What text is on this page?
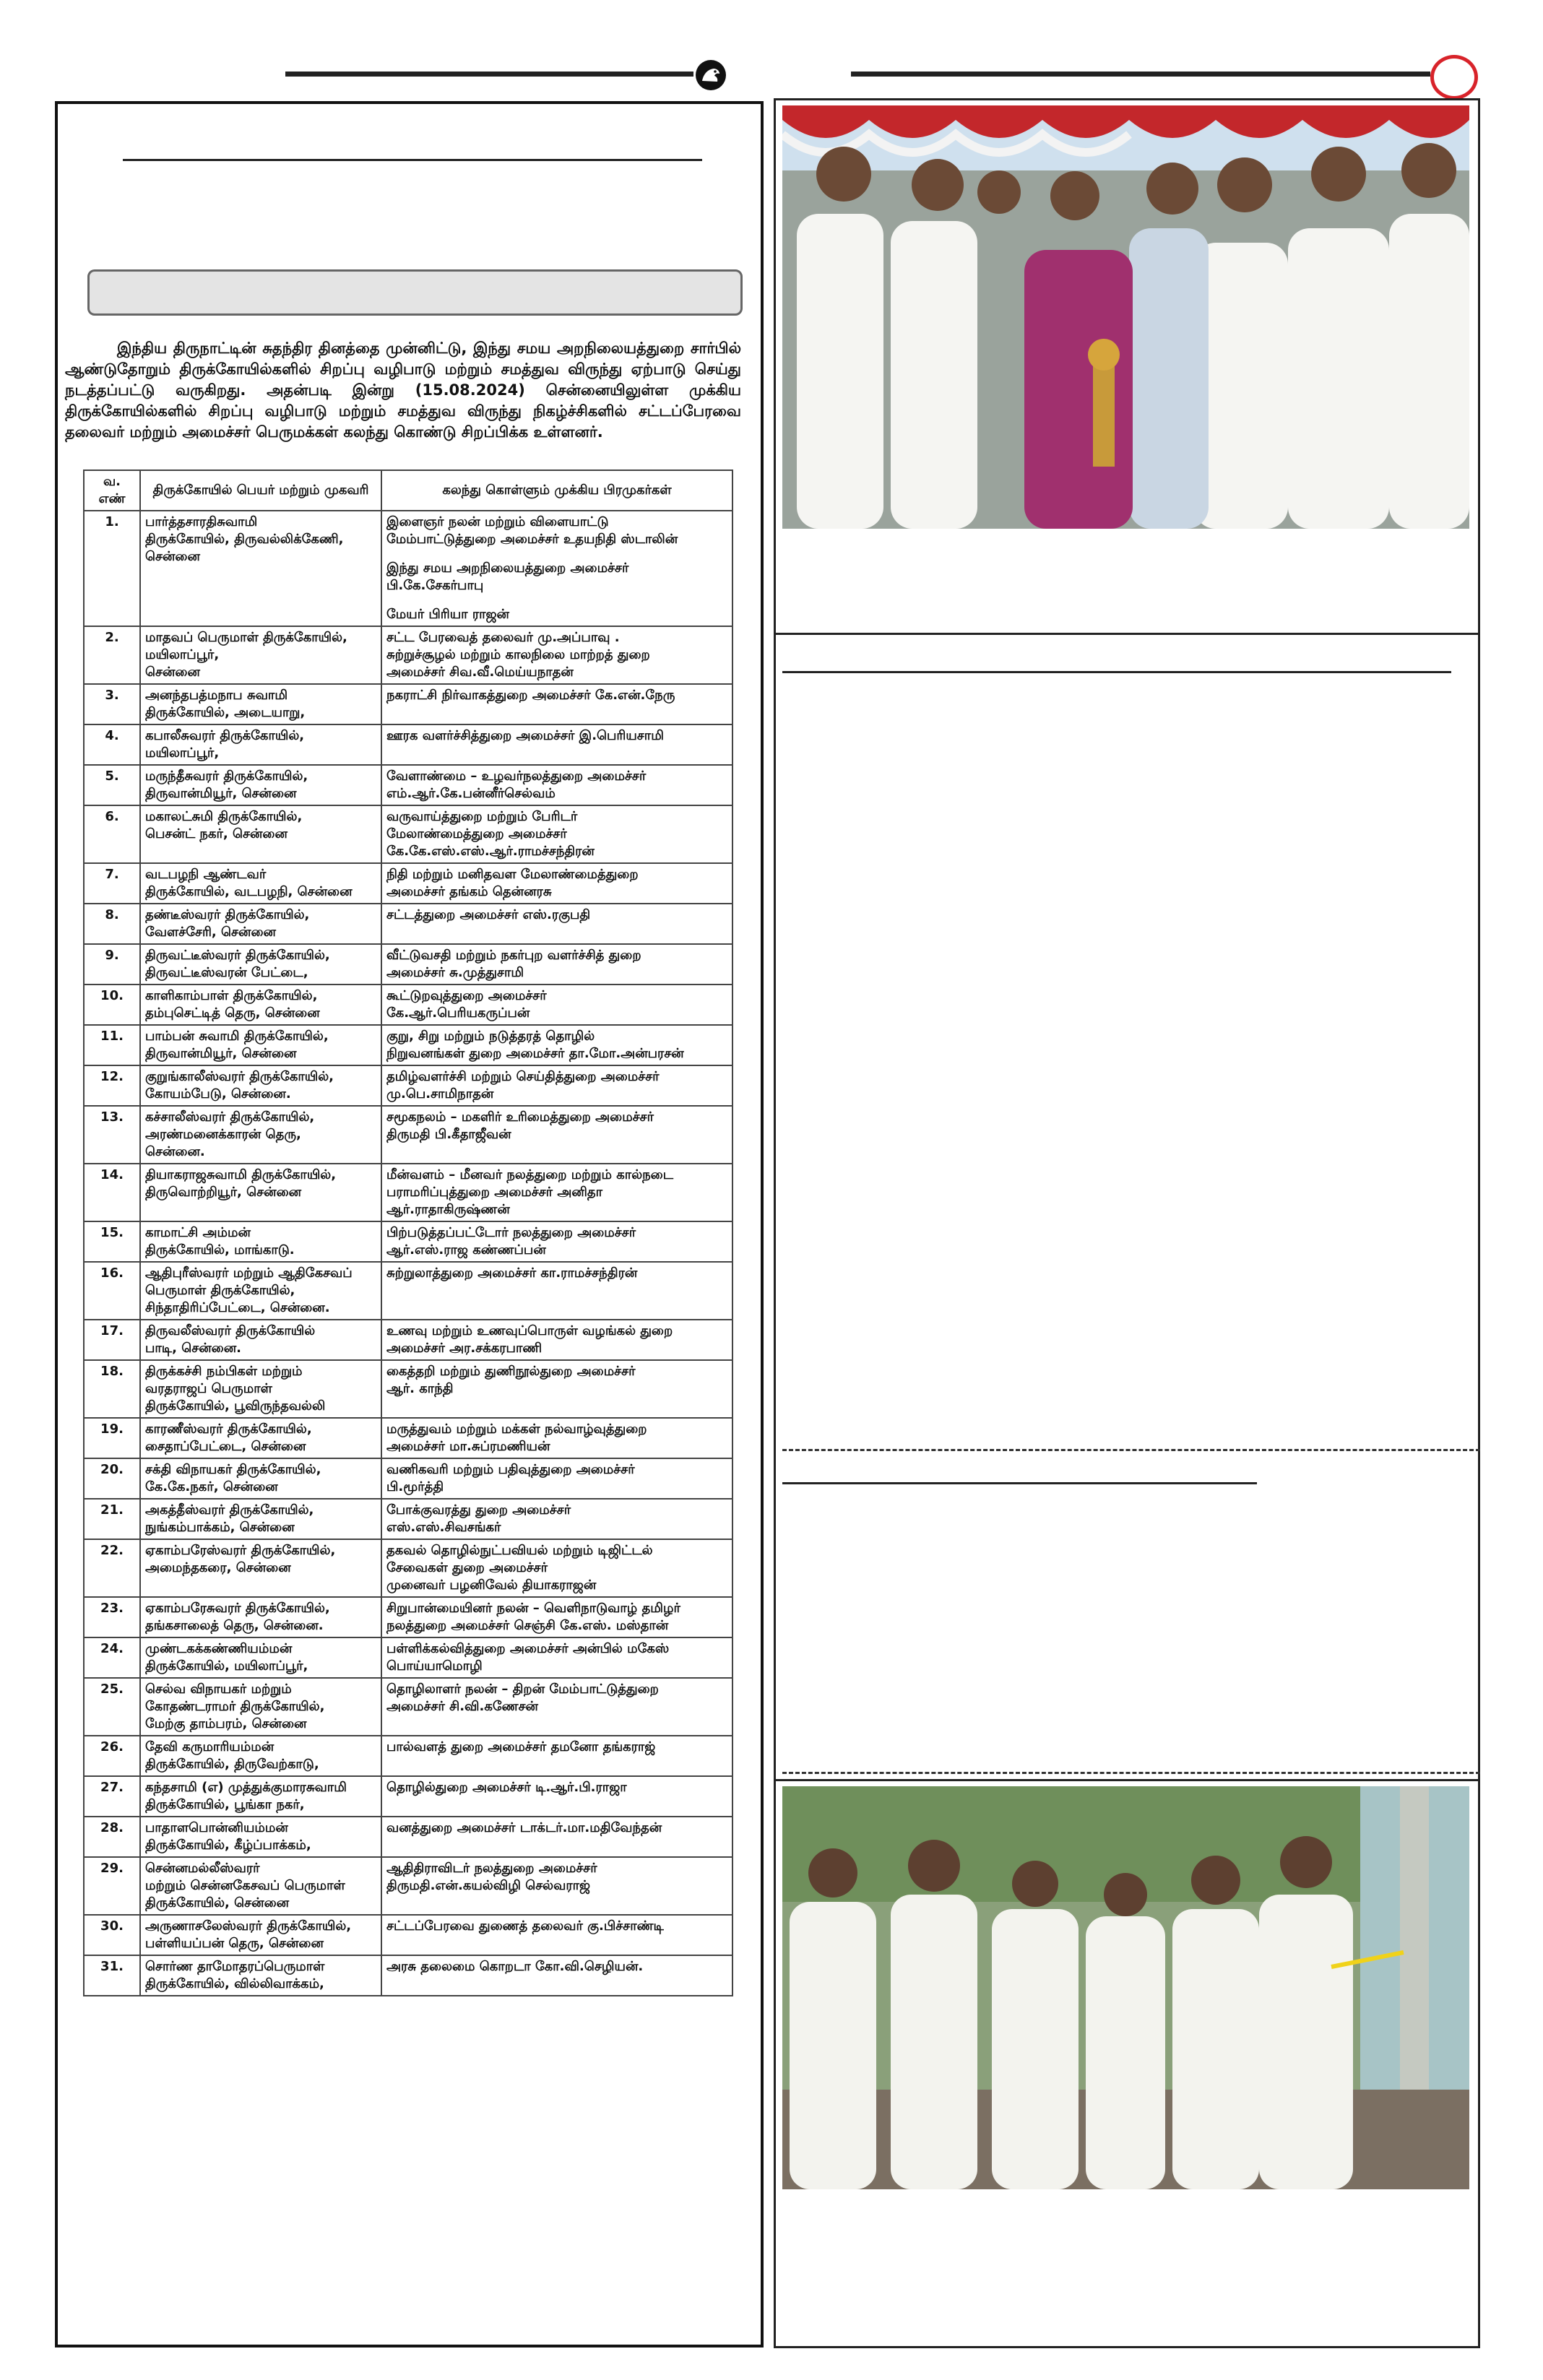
இந்திய திருநாட்டின் சுதந்திர தினத்தை முன்னிட்டு, இந்து சமய அறநிலையத்துறை சார்பில் ஆண்டுதோறும் திருக்கோயில்களில் சிறப்பு வழிபாடு மற்றும் சமத்துவ விருந்து ஏற்பாடு செய்து நடத்தப்பட்டு வருகிறது. அதன்படி இன்று (15.08.2024) சென்னையிலுள்ள முக்கிய திருக்கோயில்களில் சிறப்பு வழிபாடு மற்றும் சமத்துவ விருந்து நிகழ்ச்சிகளில் சட்டப்பேரவை தலைவர் மற்றும் அமைச்சர் பெருமக்கள் கலந்து கொண்டு சிறப்பிக்க உள்ளனர்.

வ. எண்	திருக்கோயில் பெயர் மற்றும் முகவரி	கலந்து கொள்ளும் முக்கிய பிரமுகர்கள்
1.	பார்த்தசாரதிசுவாமி
திருக்கோயில், திருவல்லிக்கேணி,
சென்னை	இளைஞர் நலன் மற்றும் விளையாட்டு
மேம்பாட்டுத்துறை அமைச்சர் உதயநிதி ஸ்டாலின்
இந்து சமய அறநிலையத்துறை அமைச்சர்
பி.கே.சேகர்பாபு
மேயர் பிரியா ராஜன்

2.	மாதவப் பெருமாள் திருக்கோயில்,
மயிலாப்பூர்,
சென்னை	சட்ட பேரவைத் தலைவர் மு.அப்பாவு .
சுற்றுச்சூழல் மற்றும் காலநிலை மாற்றத் துறை
அமைச்சர் சிவ.வீ.மெய்யநாதன்

3.	அனந்தபத்மநாப சுவாமி
திருக்கோயில், அடையாறு,	நகராட்சி நிர்வாகத்துறை அமைச்சர் கே.என்.நேரு

4.	கபாலீசுவரர் திருக்கோயில்,
மயிலாப்பூர்,	ஊரக வளர்ச்சித்துறை அமைச்சர் இ.பெரியசாமி

5.	மருந்தீசுவரர் திருக்கோயில்,
திருவான்மியூர், சென்னை	வேளாண்மை – உழவர்நலத்துறை அமைச்சர்
எம்.ஆர்.கே.பன்னீர்செல்வம்

6.	மகாலட்சுமி திருக்கோயில்,
பெசன்ட் நகர், சென்னை	வருவாய்த்துறை மற்றும் பேரிடர்
மேலாண்மைத்துறை அமைச்சர்
கே.கே.எஸ்.எஸ்.ஆர்.ராமச்சந்திரன்

7.	வடபழநி ஆண்டவர்
திருக்கோயில், வடபழநி, சென்னை	நிதி மற்றும் மனிதவள மேலாண்மைத்துறை
அமைச்சர் தங்கம் தென்னரசு

8.	தண்டீஸ்வரர் திருக்கோயில்,
வேளச்சேரி, சென்னை	சட்டத்துறை அமைச்சர் எஸ்.ரகுபதி

9.	திருவட்டீஸ்வரர் திருக்கோயில்,
திருவட்டீஸ்வரன் பேட்டை,	வீட்டுவசதி மற்றும் நகர்புற வளர்ச்சித் துறை
அமைச்சர் சு.முத்துசாமி

10.	காளிகாம்பாள் திருக்கோயில்,
தம்புசெட்டித் தெரு, சென்னை	கூட்டுறவுத்துறை அமைச்சர்
கே.ஆர்.பெரியகருப்பன்

11.	பாம்பன் சுவாமி திருக்கோயில்,
திருவான்மியூர், சென்னை	குறு, சிறு மற்றும் நடுத்தரத் தொழில்
நிறுவனங்கள் துறை அமைச்சர் தா.மோ.அன்பரசன்

12.	குறுங்காலீஸ்வரர் திருக்கோயில்,
கோயம்பேடு, சென்னை.	தமிழ்வளர்ச்சி மற்றும் செய்தித்துறை அமைச்சர்
மு.பெ.சாமிநாதன்

13.	கச்சாலீஸ்வரர் திருக்கோயில்,
அரண்மனைக்காரன் தெரு,
சென்னை.	சமூகநலம் – மகளிர் உரிமைத்துறை அமைச்சர்
திருமதி பி.கீதாஜீவன்

14.	தியாகராஜசுவாமி திருக்கோயில்,
திருவொற்றியூர், சென்னை	மீன்வளம் – மீனவர் நலத்துறை மற்றும் கால்நடை
பராமரிப்புத்துறை அமைச்சர் அனிதா
ஆர்.ராதாகிருஷ்ணன்

15.	காமாட்சி அம்மன்
திருக்கோயில், மாங்காடு.	பிற்படுத்தப்பட்டோர் நலத்துறை அமைச்சர்
ஆர்.எஸ்.ராஜ கண்ணப்பன்

16.	ஆதிபுரீஸ்வரர் மற்றும் ஆதிகேசவப்
பெருமாள் திருக்கோயில்,
சிந்தாதிரிப்பேட்டை, சென்னை.	சுற்றுலாத்துறை அமைச்சர் கா.ராமச்சந்திரன்

17.	திருவலீஸ்வரர் திருக்கோயில்
பாடி, சென்னை.	உணவு மற்றும் உணவுப்பொருள் வழங்கல் துறை
அமைச்சர் அர.சக்கரபாணி

18.	திருக்கச்சி நம்பிகள் மற்றும்
வரதராஜப் பெருமாள்
திருக்கோயில், பூவிருந்தவல்லி	கைத்தறி மற்றும் துணிநூல்துறை அமைச்சர்
ஆர். காந்தி

19.	காரணீஸ்வரர் திருக்கோயில்,
சைதாப்பேட்டை, சென்னை	மருத்துவம் மற்றும் மக்கள் நல்வாழ்வுத்துறை
அமைச்சர் மா.சுப்ரமணியன்

20.	சக்தி விநாயகர் திருக்கோயில்,
கே.கே.நகர், சென்னை	வணிகவரி மற்றும் பதிவுத்துறை அமைச்சர்
பி.மூர்த்தி

21.	அகத்தீஸ்வரர் திருக்கோயில்,
நுங்கம்பாக்கம், சென்னை	போக்குவரத்து துறை அமைச்சர்
எஸ்.எஸ்.சிவசங்கர்

22.	ஏகாம்பரேஸ்வரர் திருக்கோயில்,
அமைந்தகரை, சென்னை	தகவல் தொழில்நுட்பவியல் மற்றும் டிஜிட்டல்
சேவைகள் துறை அமைச்சர்
முனைவர் பழனிவேல் தியாகராஜன்

23.	ஏகாம்பரேசுவரர் திருக்கோயில்,
தங்கசாலைத் தெரு, சென்னை.	சிறுபான்மையினர் நலன் – வெளிநாடுவாழ் தமிழர்
நலத்துறை அமைச்சர் செஞ்சி கே.எஸ். மஸ்தான்

24.	முண்டகக்கண்ணியம்மன்
திருக்கோயில், மயிலாப்பூர்,	பள்ளிக்கல்வித்துறை அமைச்சர் அன்பில் மகேஸ்
பொய்யாமொழி

25.	செல்வ விநாயகர் மற்றும்
கோதண்டராமர் திருக்கோயில்,
மேற்கு தாம்பரம், சென்னை	தொழிலாளர் நலன் – திறன் மேம்பாட்டுத்துறை
அமைச்சர் சி.வி.கணேசன்

26.	தேவி கருமாரியம்மன்
திருக்கோயில், திருவேற்காடு,	பால்வளத் துறை அமைச்சர் தமனோ தங்கராஜ்

27.	கந்தசாமி (எ) முத்துக்குமாரசுவாமி
திருக்கோயில், பூங்கா நகர்,	தொழில்துறை அமைச்சர் டி.ஆர்.பி.ராஜா

28.	பாதாளபொன்னியம்மன்
திருக்கோயில், கீழ்ப்பாக்கம்,	வனத்துறை அமைச்சர் டாக்டர்.மா.மதிவேந்தன்

29.	சென்னமல்லீஸ்வரர்
மற்றும் சென்னகேசவப் பெருமாள்
திருக்கோயில், சென்னை	ஆதிதிராவிடர் நலத்துறை அமைச்சர்
திருமதி.என்.கயல்விழி செல்வராஜ்

30.	அருணாசலேஸ்வரர் திருக்கோயில்,
பள்ளியப்பன் தெரு, சென்னை	சட்டப்பேரவை துணைத் தலைவர் கு.பிச்சாண்டி

31.	சொர்ண தாமோதரப்பெருமாள்
திருக்கோயில், வில்லிவாக்கம்,	அரசு தலைமை கொறடா கோ.வி.செழியன்.
